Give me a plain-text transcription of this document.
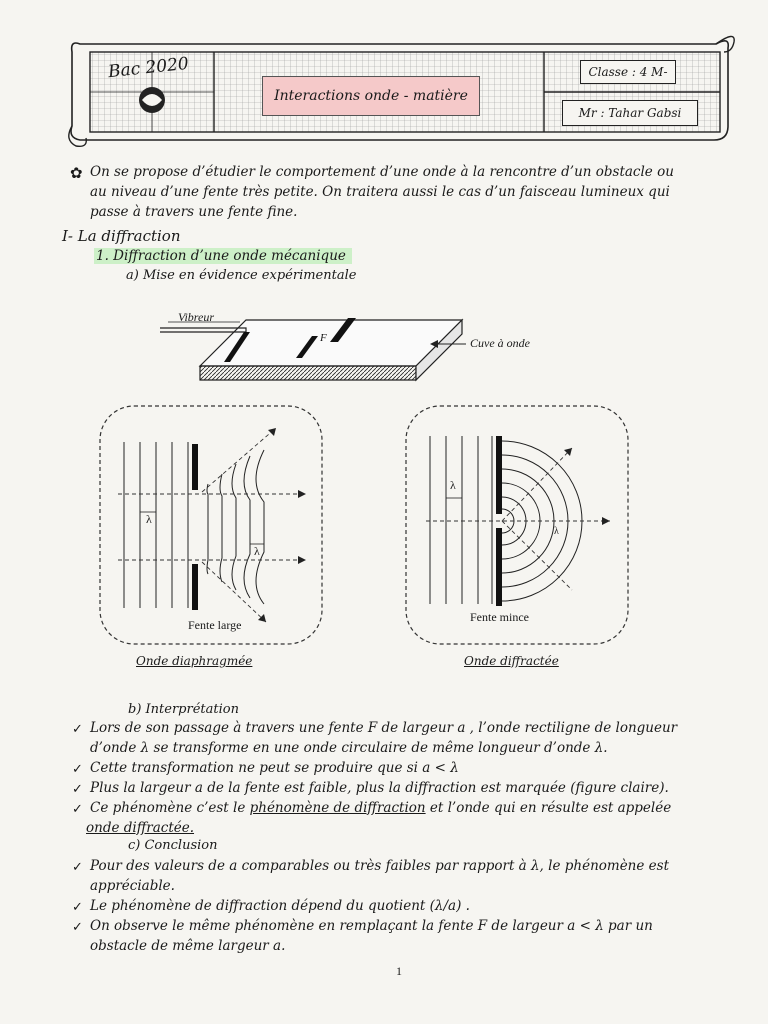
Bac 2020
Interactions onde - matière
Classe : 4 M-
Mr : Tahar Gabsi
✿ On se propose d’étudier le comportement d’une onde à la rencontre d’un obstacle ou
au niveau d’une fente très petite. On traitera aussi le cas d’un faisceau lumineux qui
passe à travers une fente fine.
I- La diffraction
1. Diffraction d’une onde mécanique
a) Mise en évidence expérimentale
Vibreur
F	Cuve à onde
λ
λ
Fente large
Onde diaphragmée
λ
λ
Fente mince
Onde diffractée
b) Interprétation
✓ Lors de son passage à travers une fente F de largeur a , l’onde rectiligne de longueur
d’onde λ se transforme en une onde circulaire de même longueur d’onde λ.
✓ Cette transformation ne peut se produire que si a < λ
✓ Plus la largeur a de la fente est faible, plus la diffraction est marquée (figure claire).
✓ Ce phénomène c’est le phénomène de diffraction et l’onde qui en résulte est appelée
onde diffractée.
c) Conclusion
✓ Pour des valeurs de a comparables ou très faibles par rapport à λ, le phénomène est
appréciable.
✓ Le phénomène de diffraction dépend du quotient (λ/a) .
✓ On observe le même phénomène en remplaçant la fente F de largeur a < λ par un
obstacle de même largeur a.
1
